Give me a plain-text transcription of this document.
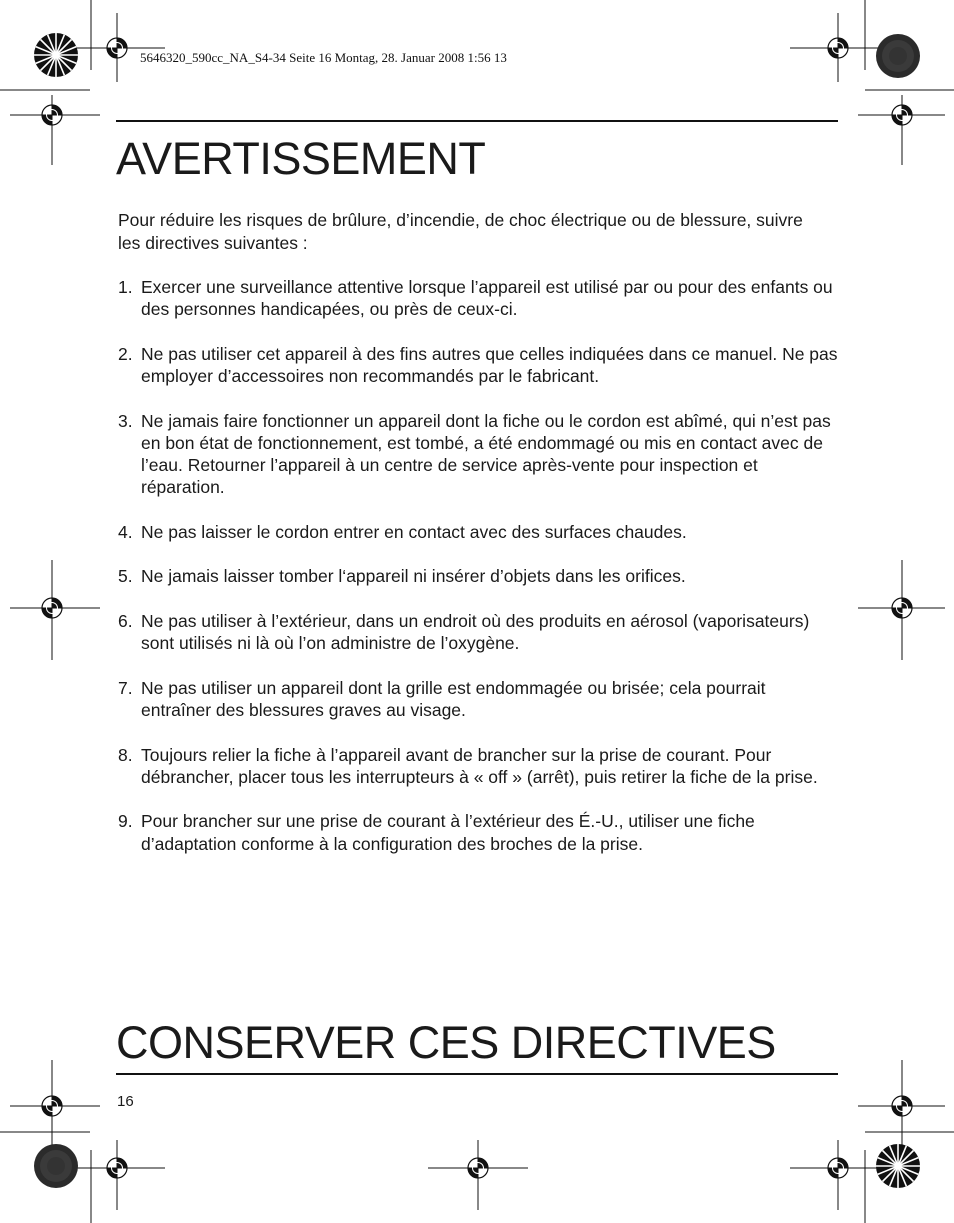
5646320_590cc_NA_S4-34 Seite 16 Montag, 28. Januar 2008 1:56 13
AVERTISSEMENT

Pour réduire les risques de brûlure, d’incendie, de choc électrique ou de blessure, suivre les directives suivantes :

1. Exercer une surveillance attentive lorsque l’appareil est utilisé par ou pour des enfants ou des personnes handicapées, ou près de ceux-ci.
2. Ne pas utiliser cet appareil à des fins autres que celles indiquées dans ce manuel. Ne pas employer d’accessoires non recommandés par le fabricant.
3. Ne jamais faire fonctionner un appareil dont la fiche ou le cordon est abîmé, qui n’est pas en bon état de fonctionnement, est tombé, a été endommagé ou mis en contact avec de l’eau. Retourner l’appareil à un centre de service après-vente pour inspection et réparation.
4. Ne pas laisser le cordon entrer en contact avec des surfaces chaudes.
5. Ne jamais laisser tomber l‘appareil ni insérer d’objets dans les orifices.
6. Ne pas utiliser à l’extérieur, dans un endroit où des produits en aérosol (vaporisateurs) sont utilisés ni là où l’on administre de l’oxygène.
7. Ne pas utiliser un appareil dont la grille est endommagée ou brisée; cela pourrait entraîner des blessures graves au visage.
8. Toujours relier la fiche à l’appareil avant de brancher sur la prise de courant. Pour débrancher, placer tous les interrupteurs à « off » (arrêt), puis retirer la fiche de la prise.
9. Pour brancher sur une prise de courant à l’extérieur des É.-U., utiliser une fiche d’adaptation conforme à la configuration des broches de la prise.
CONSERVER CES DIRECTIVES
16
